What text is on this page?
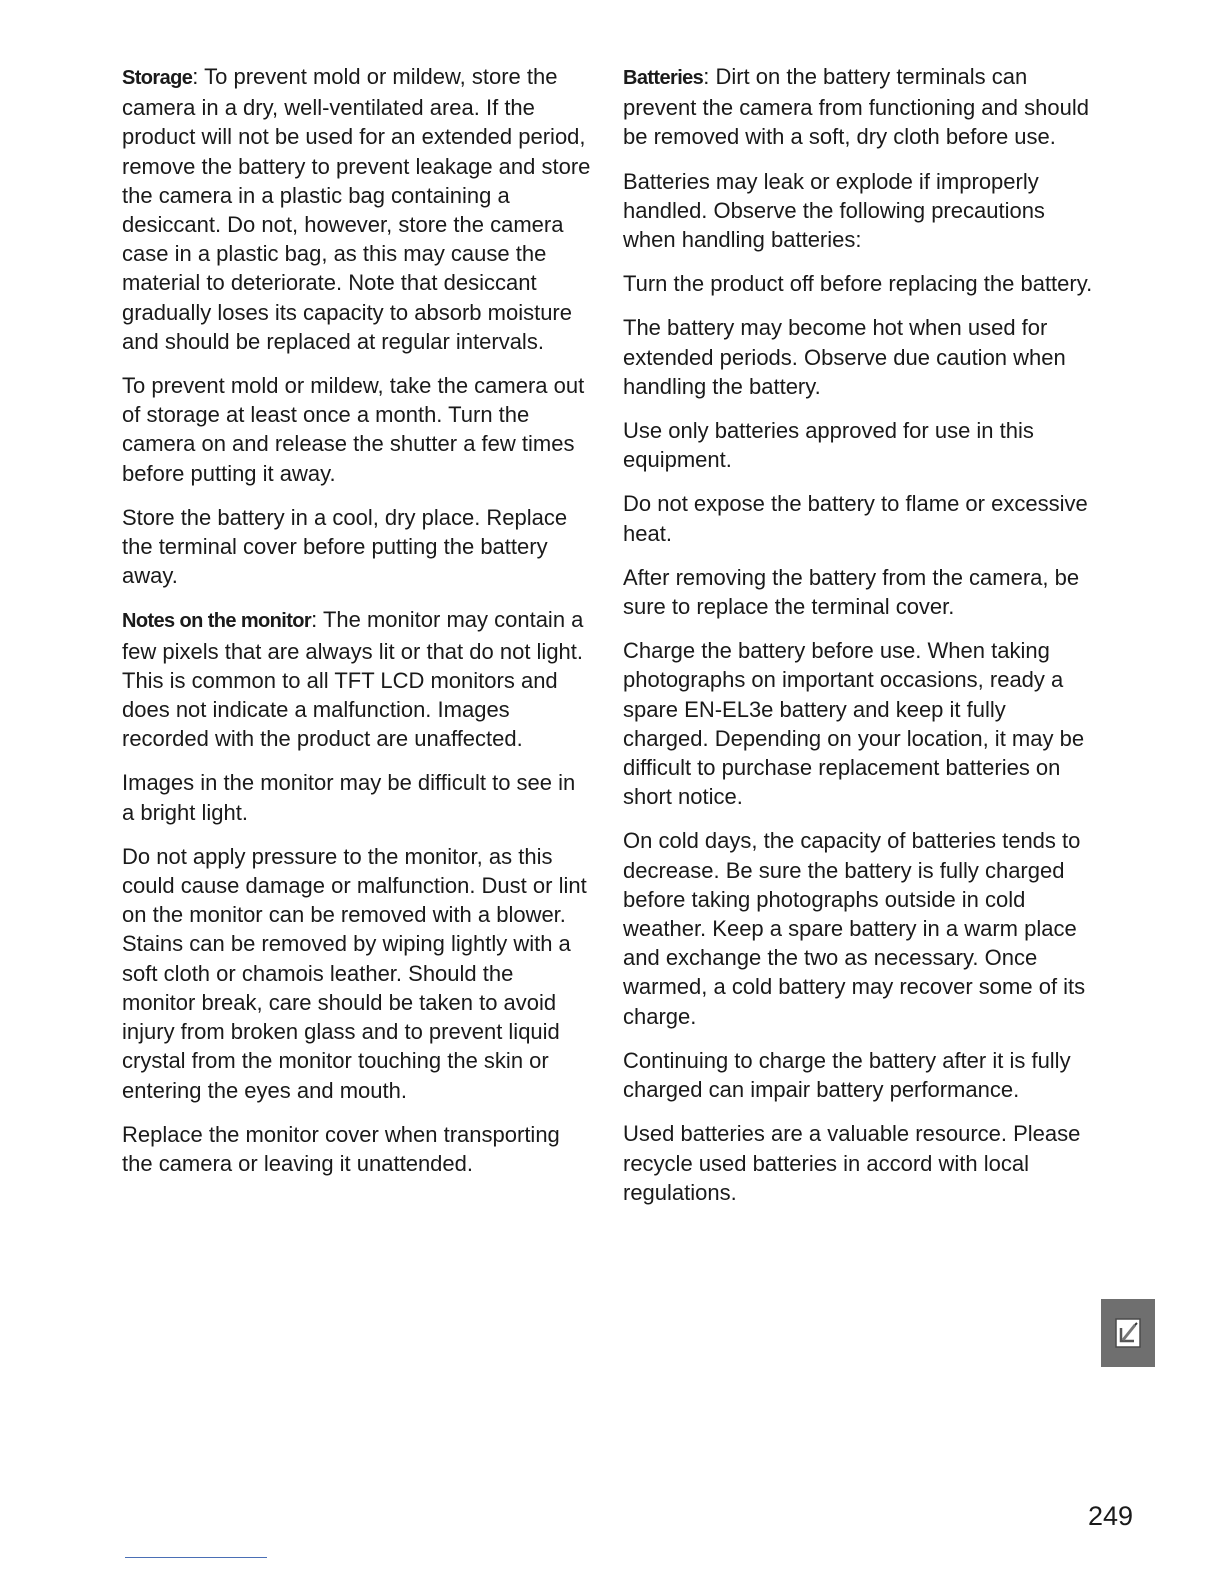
Storage: To prevent mold or mildew, store the camera in a dry, well-ventilated area. If the product will not be used for an extended period, remove the battery to prevent leakage and store the camera in a plastic bag containing a desiccant. Do not, however, store the camera case in a plastic bag, as this may cause the material to deteriorate. Note that desiccant gradually loses its capacity to absorb moisture and should be replaced at regular intervals.

To prevent mold or mildew, take the camera out of storage at least once a month. Turn the camera on and release the shutter a few times before putting it away.

Store the battery in a cool, dry place. Replace the terminal cover before putting the battery away.

Notes on the monitor: The monitor may contain a few pixels that are always lit or that do not light. This is common to all TFT LCD monitors and does not indicate a malfunction. Images recorded with the product are unaffected.

Images in the monitor may be difficult to see in a bright light.

Do not apply pressure to the monitor, as this could cause damage or malfunction. Dust or lint on the monitor can be removed with a blower. Stains can be removed by wiping lightly with a soft cloth or chamois leather. Should the monitor break, care should be taken to avoid injury from broken glass and to prevent liquid crystal from the monitor touching the skin or entering the eyes and mouth.

Replace the monitor cover when transporting the camera or leaving it unattended.

Batteries: Dirt on the battery terminals can prevent the camera from functioning and should be removed with a soft, dry cloth before use.

Batteries may leak or explode if improperly handled. Observe the following precautions when handling batteries:

Turn the product off before replacing the battery.

The battery may become hot when used for extended periods. Observe due caution when handling the battery.

Use only batteries approved for use in this equipment.

Do not expose the battery to flame or excessive heat.

After removing the battery from the camera, be sure to replace the terminal cover.

Charge the battery before use. When taking photographs on important occasions, ready a spare EN-EL3e battery and keep it fully charged. Depending on your location, it may be difficult to purchase replacement batteries on short notice.

On cold days, the capacity of batteries tends to decrease. Be sure the battery is fully charged before taking photographs outside in cold weather. Keep a spare battery in a warm place and exchange the two as necessary. Once warmed, a cold battery may recover some of its charge.

Continuing to charge the battery after it is fully charged can impair battery performance.

Used batteries are a valuable resource. Please recycle used batteries in accord with local regulations.

249
